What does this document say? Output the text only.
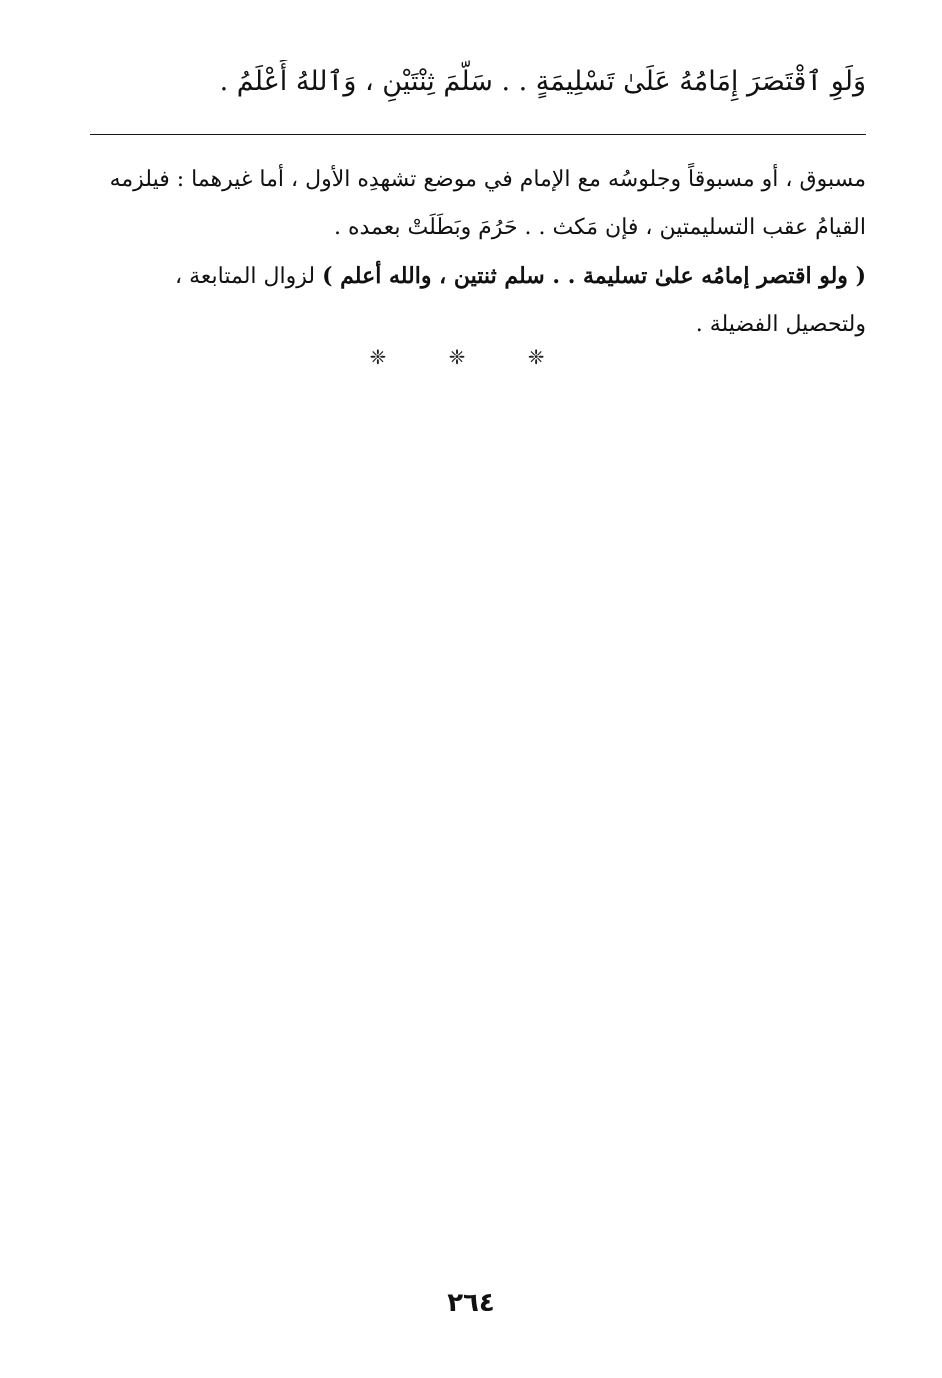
وَلَوِ ٱقْتَصَرَ إِمَامُهُ عَلَىٰ تَسْلِيمَةٍ . . سَلَّمَ ثِنْتَيْنِ ، وَٱللهُ أَعْلَمُ .

مسبوق ، أو مسبوقاً وجلوسُه مع الإمام في موضع تشهدِه الأول ، أما غيرهما : فيلزمه القيامُ عقب التسليمتين ، فإن مَكث . . حَرُمَ وبَطَلَتْ بعمده .

( ولو اقتصر إمامُه علىٰ تسليمة . . سلم ثنتين ، والله أعلم ) لزوال المتابعة ، ولتحصيل الفضيلة .

❈ ❈ ❈
٢٦٤
